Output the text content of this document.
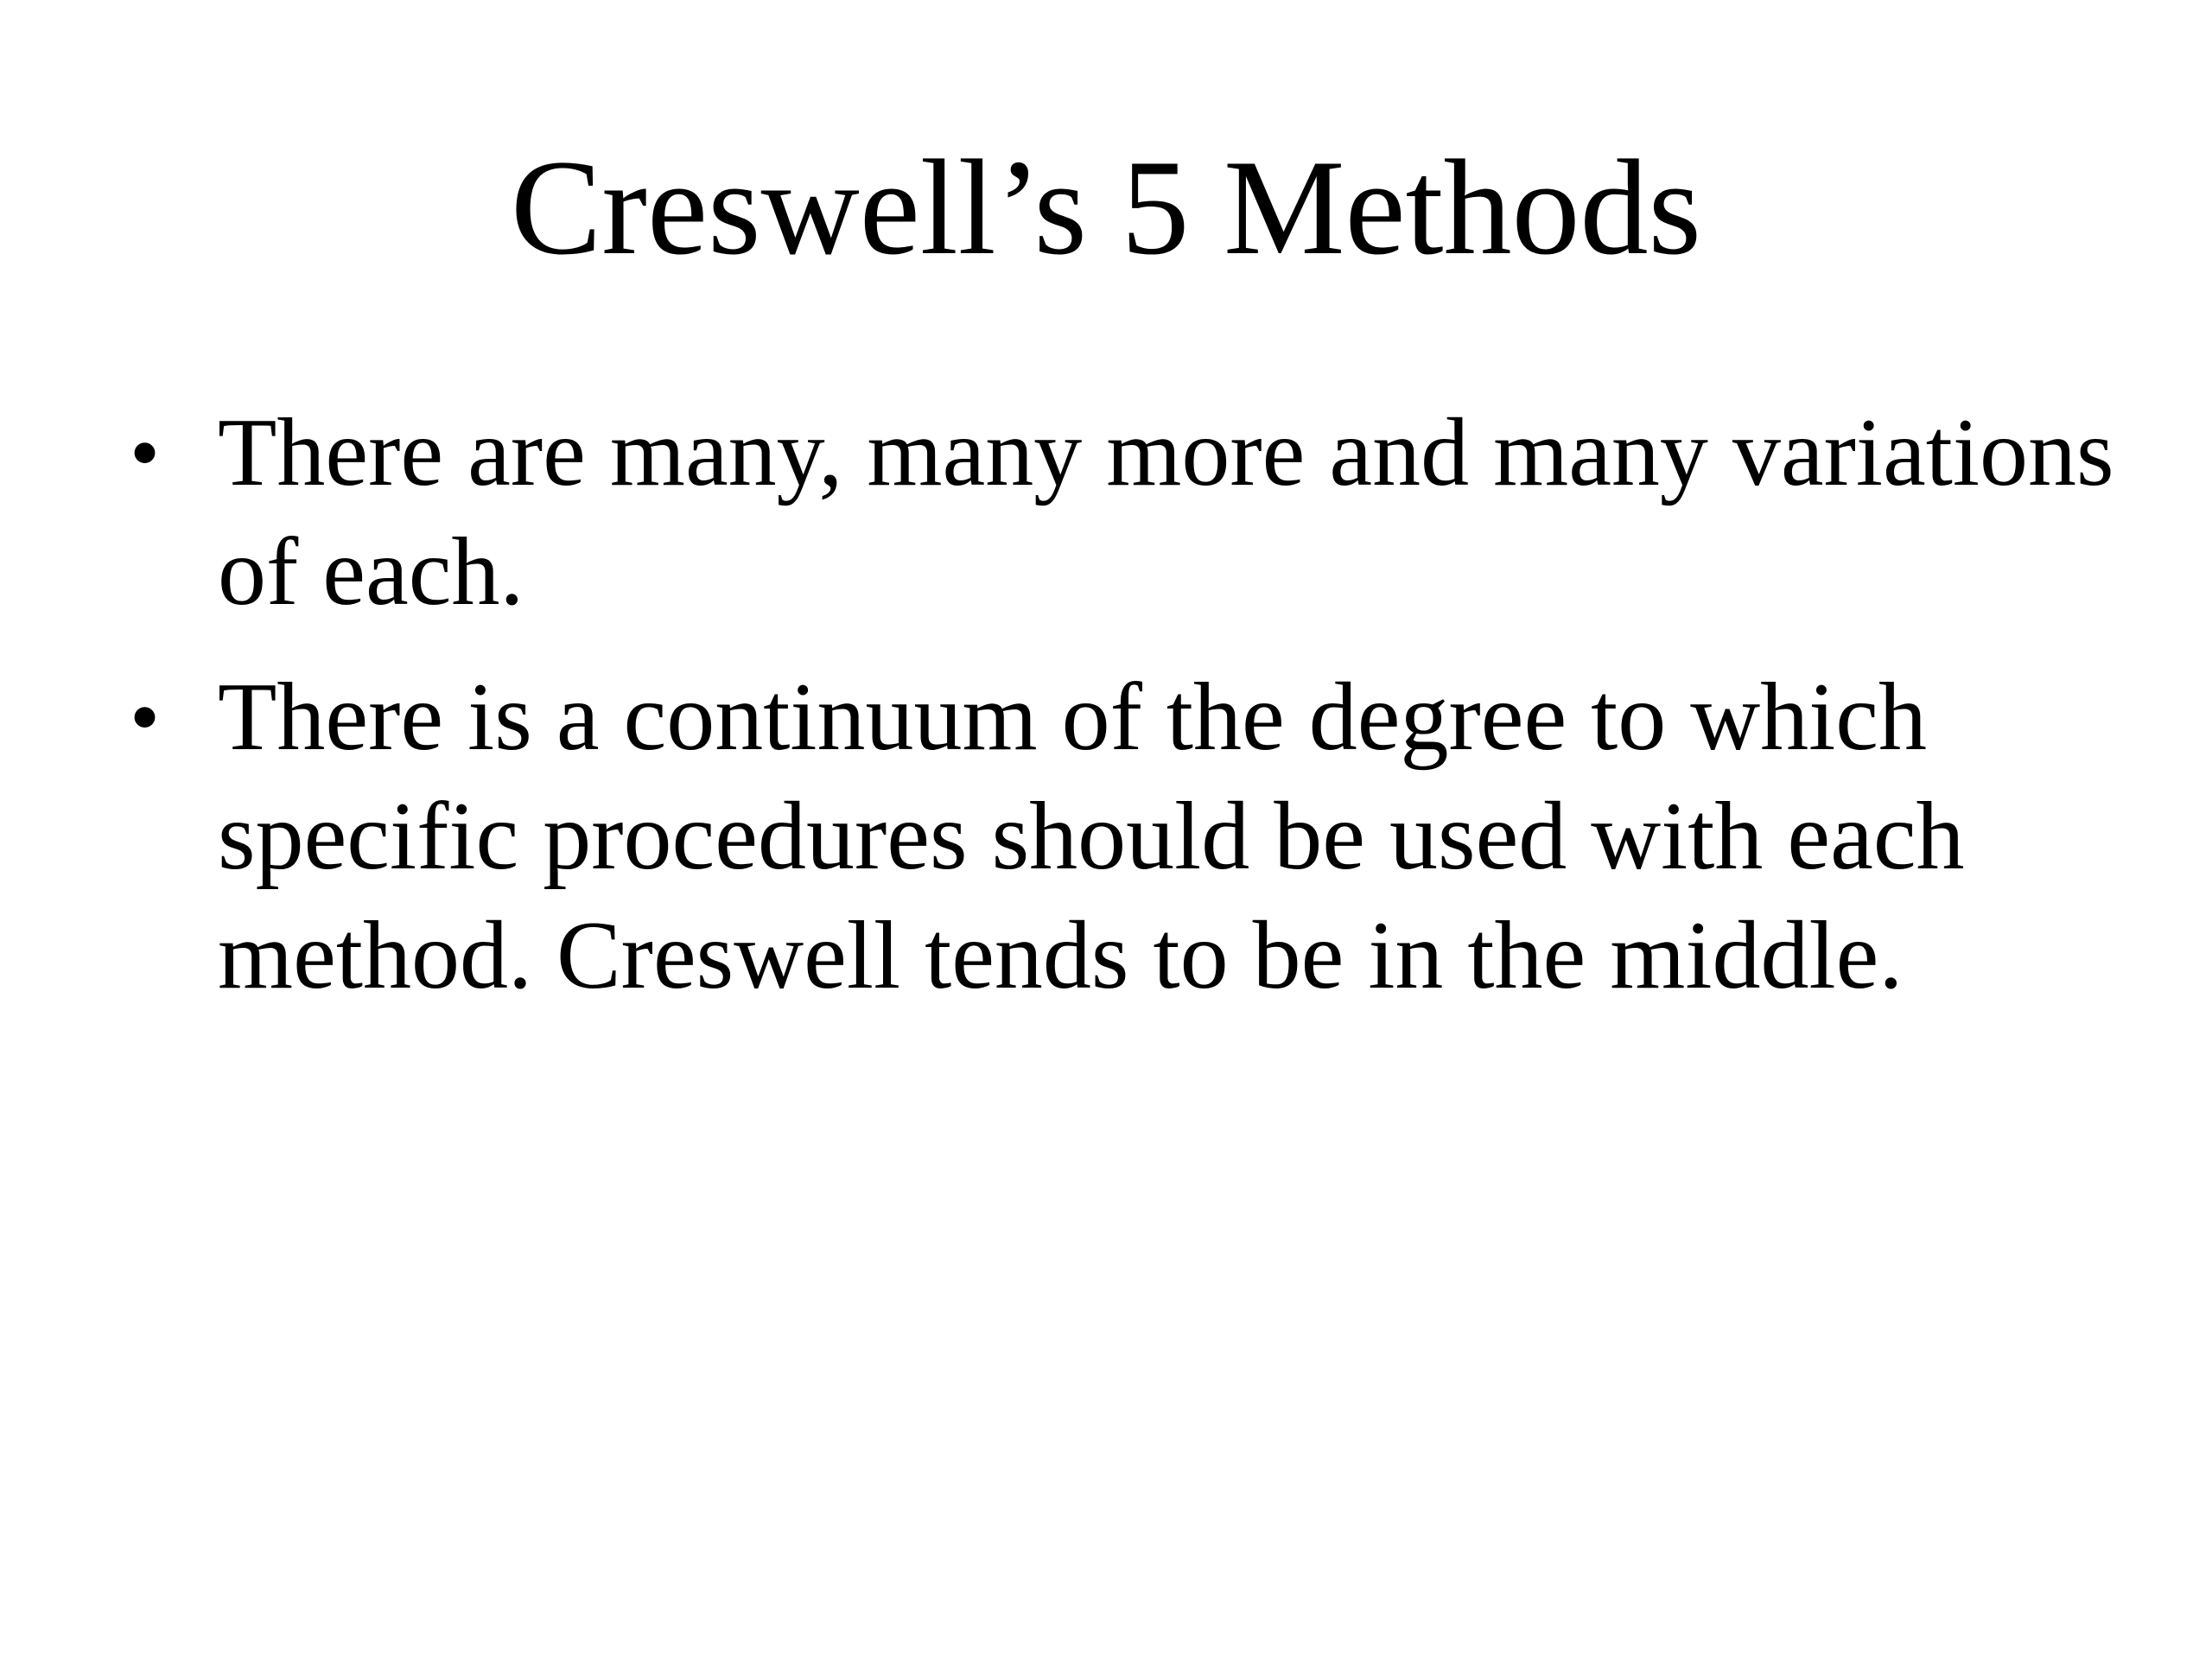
Creswell’s 5 Methods
• There are many, many more and many variations of each.
• There is a continuum of the degree to which specific procedures should be used with each method. Creswell tends to be in the middle.
